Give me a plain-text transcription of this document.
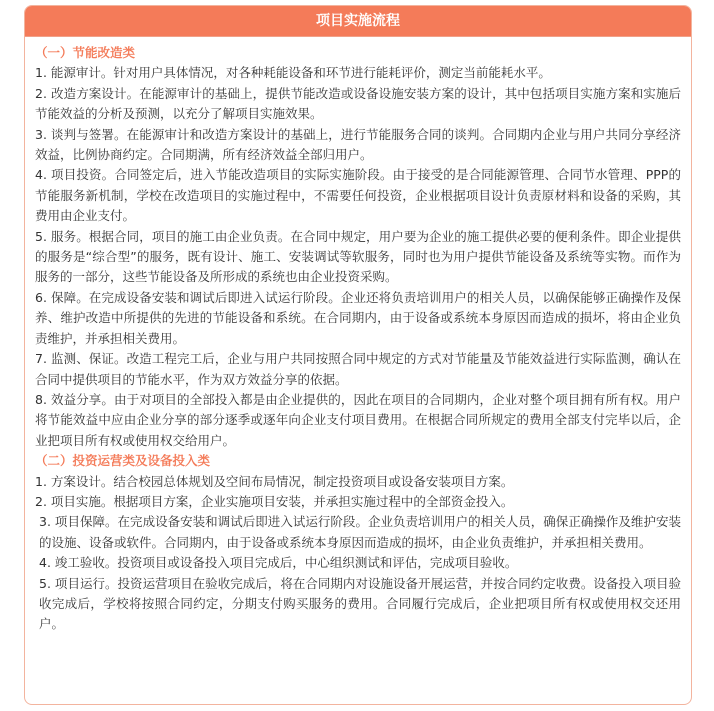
项目实施流程

（一）节能改造类

1. 能源审计。针对用户具体情况，对各种耗能设备和环节进行能耗评价，测定当前能耗水平。

2. 改造方案设计。在能源审计的基础上，提供节能改造或设备设施安装方案的设计，其中包括项目实施方案和实施后节能效益的分析及预测，以充分了解项目实施效果。

3. 谈判与签署。在能源审计和改造方案设计的基础上，进行节能服务合同的谈判。合同期内企业与用户共同分享经济效益，比例协商约定。合同期满，所有经济效益全部归用户。

4. 项目投资。合同签定后，进入节能改造项目的实际实施阶段。由于接受的是合同能源管理、合同节水管理、PPP的节能服务新机制，学校在改造项目的实施过程中，不需要任何投资，企业根据项目设计负责原材料和设备的采购，其费用由企业支付。

5. 服务。根据合同，项目的施工由企业负责。在合同中规定，用户要为企业的施工提供必要的便利条件。即企业提供的服务是“综合型”的服务，既有设计、施工、安装调试等软服务，同时也为用户提供节能设备及系统等实物。而作为服务的一部分，这些节能设备及所形成的系统也由企业投资采购。

6. 保障。在完成设备安装和调试后即进入试运行阶段。企业还将负责培训用户的相关人员，以确保能够正确操作及保养、维护改造中所提供的先进的节能设备和系统。在合同期内，由于设备或系统本身原因而造成的损坏，将由企业负责维护，并承担相关费用。

7. 监测、保证。改造工程完工后，企业与用户共同按照合同中规定的方式对节能量及节能效益进行实际监测，确认在合同中提供项目的节能水平，作为双方效益分享的依据。

8. 效益分享。由于对项目的全部投入都是由企业提供的，因此在项目的合同期内，企业对整个项目拥有所有权。用户将节能效益中应由企业分享的部分逐季或逐年向企业支付项目费用。在根据合同所规定的费用全部支付完毕以后，企业把项目所有权或使用权交给用户。

（二）投资运营类及设备投入类

1. 方案设计。结合校园总体规划及空间布局情况，制定投资项目或设备安装项目方案。

2. 项目实施。根据项目方案，企业实施项目安装，并承担实施过程中的全部资金投入。

3. 项目保障。在完成设备安装和调试后即进入试运行阶段。企业负责培训用户的相关人员，确保正确操作及维护安装的设施、设备或软件。合同期内，由于设备或系统本身原因而造成的损坏，由企业负责维护，并承担相关费用。

4. 竣工验收。投资项目或设备投入项目完成后，中心组织测试和评估，完成项目验收。

5. 项目运行。投资运营项目在验收完成后，将在合同期内对设施设备开展运营，并按合同约定收费。设备投入项目验收完成后，学校将按照合同约定，分期支付购买服务的费用。合同履行完成后，企业把项目所有权或使用权交还用户。
